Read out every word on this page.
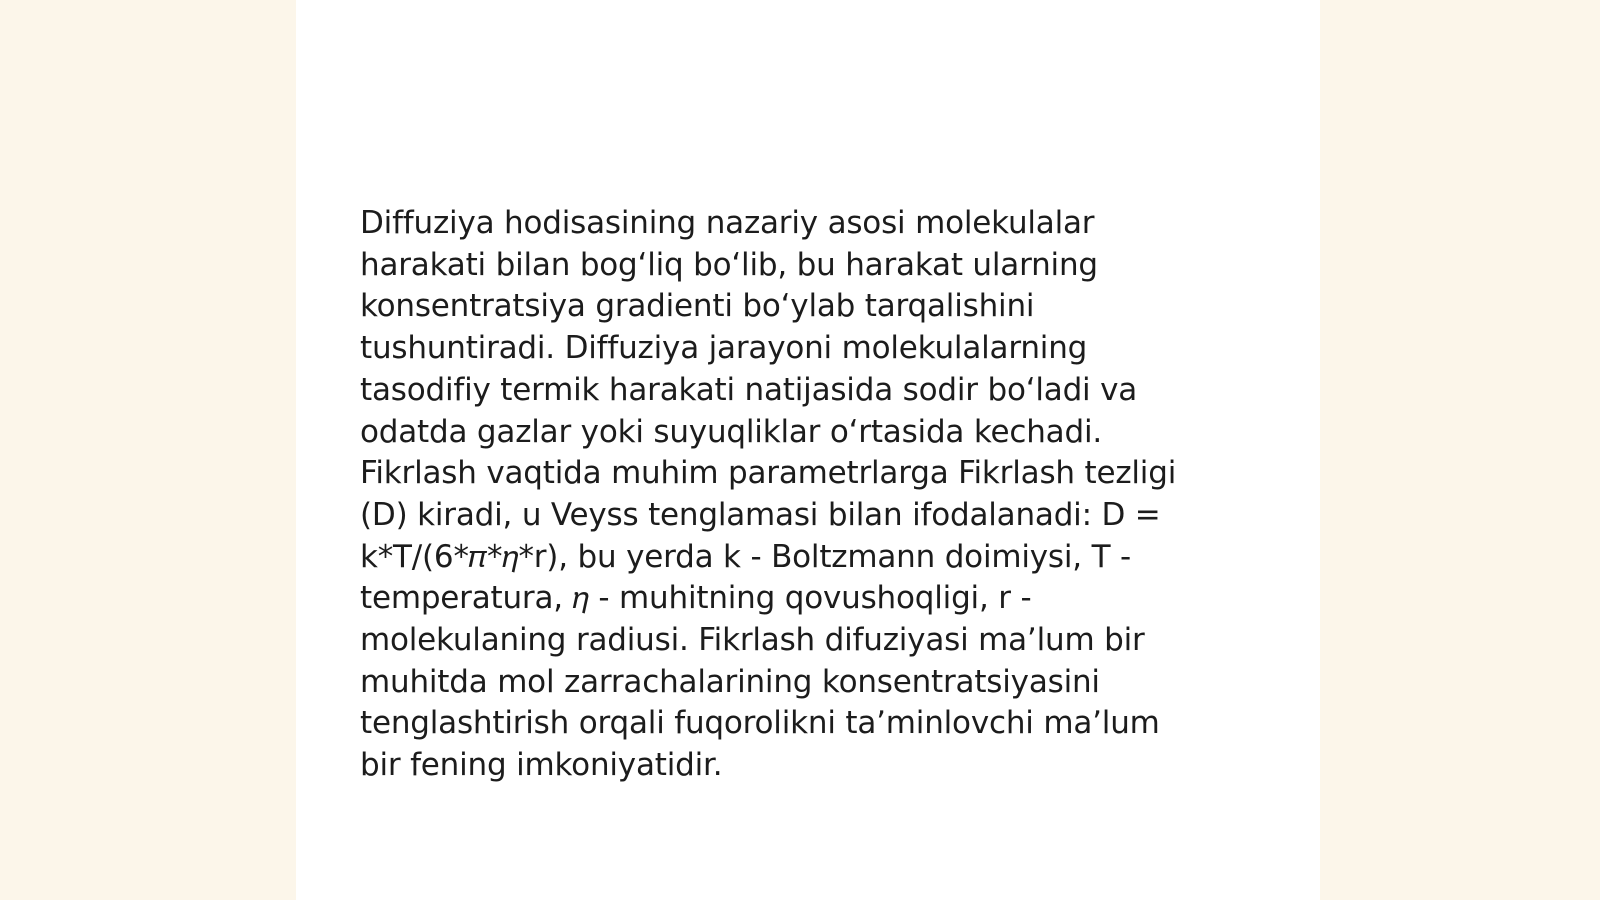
Diffuziya hodisasining nazariy asosi molekulalar
harakati bilan bog‘liq bo‘lib, bu harakat ularning
konsentratsiya gradienti bo‘ylab tarqalishini
tushuntiradi. Diffuziya jarayoni molekulalarning
tasodifiy termik harakati natijasida sodir bo‘ladi va
odatda gazlar yoki suyuqliklar o‘rtasida kechadi.
Fikrlash vaqtida muhim parametrlarga Fikrlash tezligi
(D) kiradi, u Veyss tenglamasi bilan ifodalanadi: D =
k*T/(6*𝜋*𝜂*r), bu yerda k - Boltzmann doimiysi, T -
temperatura, 𝜂 - muhitning qovushoqligi, r -
molekulaning radiusi. Fikrlash difuziyasi ma’lum bir
muhitda mol zarrachalarining konsentratsiyasini
tenglashtirish orqali fuqorolikni ta’minlovchi ma’lum
bir fening imkoniyatidir.
